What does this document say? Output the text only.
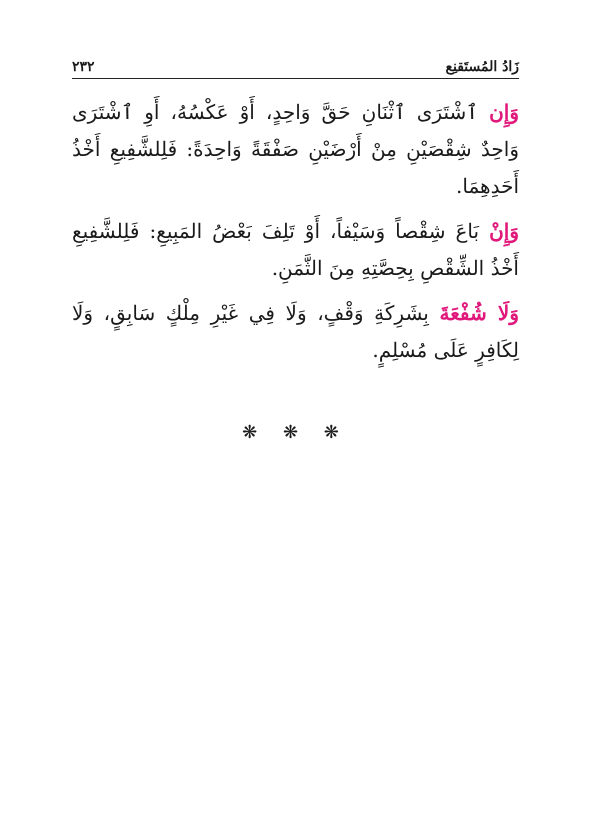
زَادُ المُستَقنِع
٢٣٢

وَإِن ٱشْتَرَى ٱثْنَانِ حَقَّ وَاحِدٍ، أَوْ عَكْسُهُ، أَوِ ٱشْتَرَى وَاحِدٌ شِقْصَيْنِ مِنْ أَرْضَيْنِ صَفْقَةً وَاحِدَةً: فَلِلشَّفِيعِ أَخْذُ أَحَدِهِمَا.

وَإِنْ بَاعَ شِقْصاً وَسَيْفاً، أَوْ تَلِفَ بَعْضُ المَبِيعِ: فَلِلشَّفِيعِ أَخْذُ الشِّقْصِ بِحِصَّتِهِ مِنَ الثَّمَنِ.

وَلَا شُفْعَةَ بِشَرِكَةِ وَقْفٍ، وَلَا فِي غَيْرِ مِلْكٍ سَابِقٍ، وَلَا لِكَافِرٍ عَلَى مُسْلِمٍ.

❋ ❋ ❋
